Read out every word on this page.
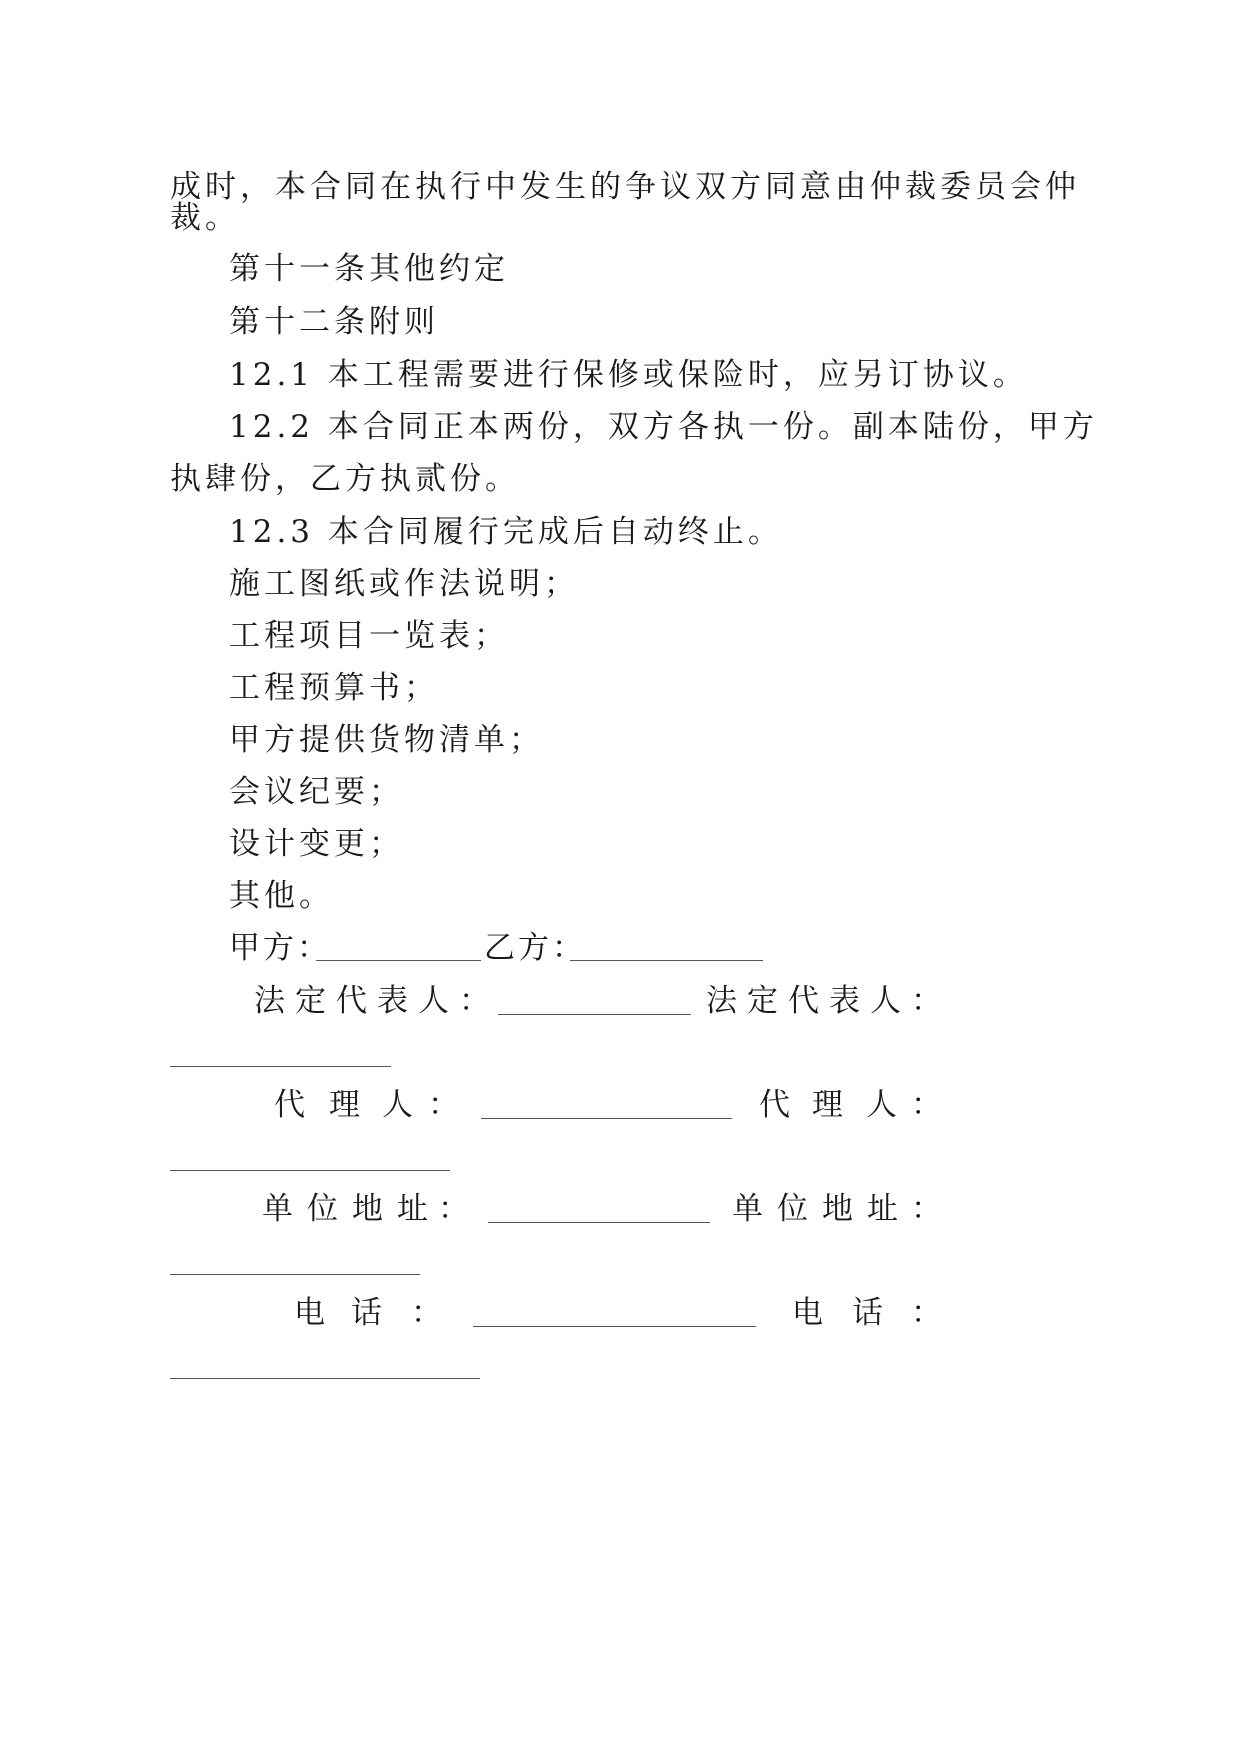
成时，本合同在执行中发生的争议双方同意由仲裁委员会仲
裁。
第十一条其他约定
第十二条附则
12.1 本工程需要进行保修或保险时，应另订协议。
12.2 本合同正本两份，双方各执一份。副本陆份，甲方
执肆份，乙方执贰份。
12.3 本合同履行完成后自动终止。
施工图纸或作法说明；
工程项目一览表；
工程预算书；
甲方提供货物清单；
会议纪要；
设计变更；
其他。
甲方：	乙方：
法 定 代 表 人 ：	法 定 代 表 人 ：
代 理 人 ：	代 理 人 ：
单 位 地 址 ：	单 位 地 址 ：
电 话 ：	电 话 ：
